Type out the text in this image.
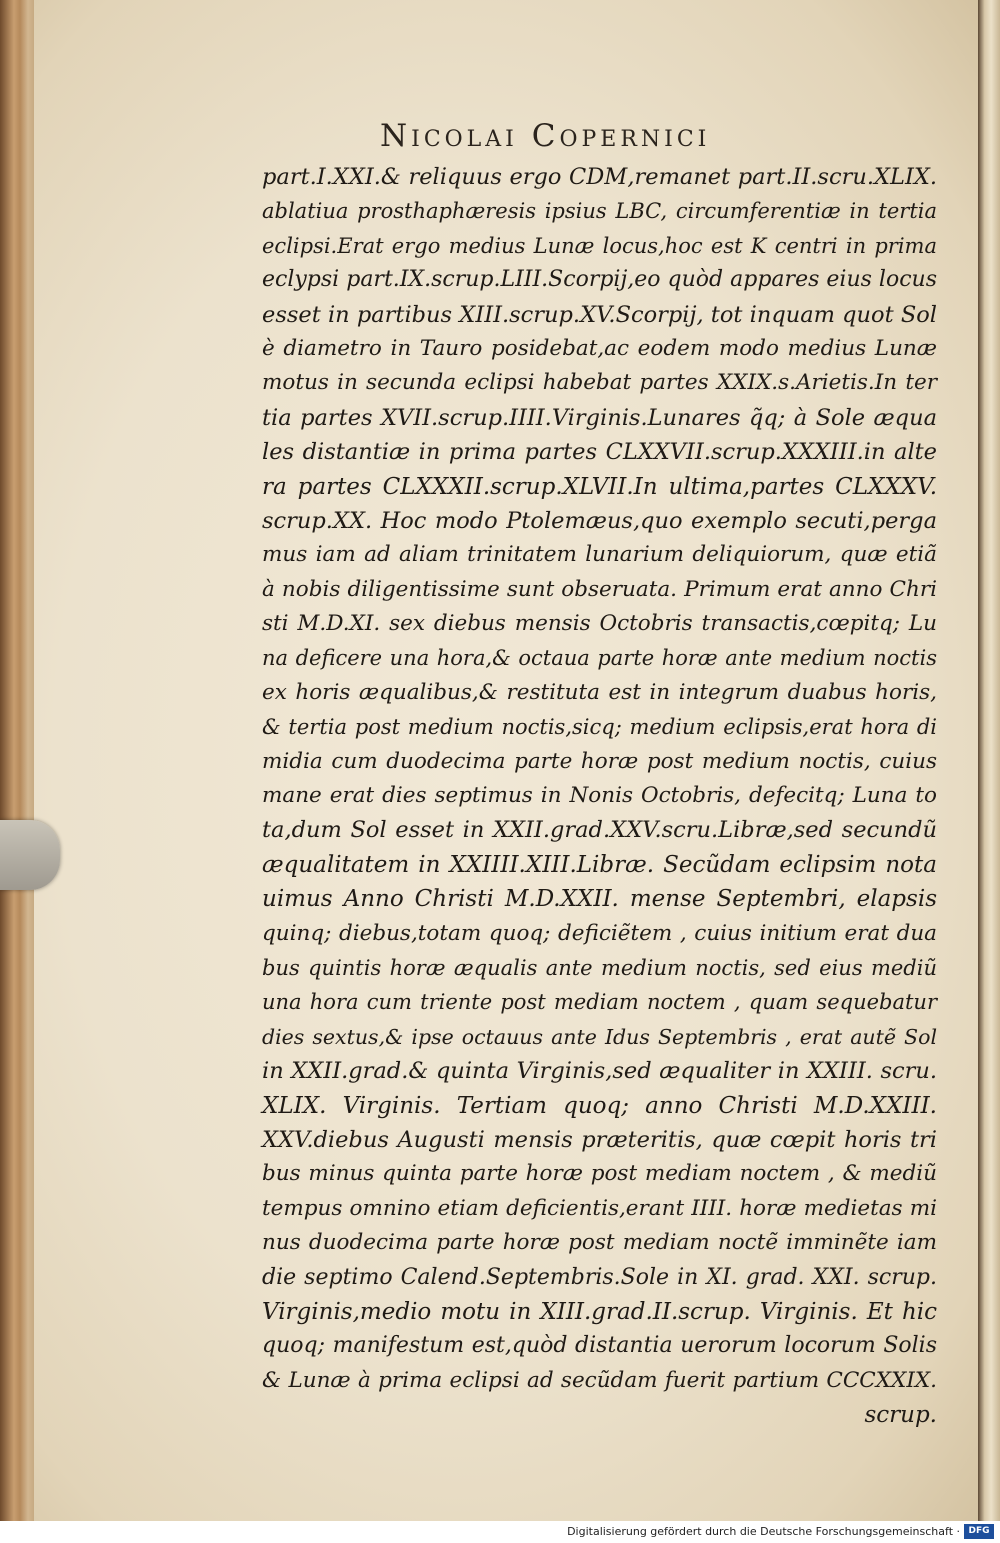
Nicolai Copernici
part.I.XXI.& reliquus ergo CDM,remanet part.II.scru.XLIX.
ablatiua prosthaphæresis ipsius LBC, circumferentiæ in tertia
eclipsi.Erat ergo medius Lunæ locus,hoc est K centri in prima
eclypsi part.IX.scrup.LIII.Scorpij,eo quòd appares eius locus
esset in partibus XIII.scrup.XV.Scorpij, tot inquam quot Sol
è diametro in Tauro posidebat,ac eodem modo medius Lunæ
motus in secunda eclipsi habebat partes XXIX.s.Arietis.In ter
tia partes XVII.scrup.IIII.Virginis.Lunares q̃q; à Sole æqua
les distantiæ in prima partes CLXXVII.scrup.XXXIII.in alte
ra partes CLXXXII.scrup.XLVII.In ultima,partes CLXXXV.
scrup.XX. Hoc modo Ptolemæus,quo exemplo secuti,perga
mus iam ad aliam trinitatem lunarium deliquiorum, quæ etiã
à nobis diligentissime sunt obseruata. Primum erat anno Chri
sti M.D.XI. sex diebus mensis Octobris transactis,cœpitq; Lu
na deficere una hora,& octaua parte horæ ante medium noctis
ex horis æqualibus,& restituta est in integrum duabus horis,
& tertia post medium noctis,sicq; medium eclipsis,erat hora di
midia cum duodecima parte horæ post medium noctis, cuius
mane erat dies septimus in Nonis Octobris, defecitq; Luna to
ta,dum Sol esset in XXII.grad.XXV.scru.Libræ,sed secundũ
æqualitatem in XXIIII.XIII.Libræ. Secũdam eclipsim nota
uimus Anno Christi M.D.XXII. mense Septembri, elapsis
quinq; diebus,totam quoq; deficiẽtem , cuius initium erat dua
bus quintis horæ æqualis ante medium noctis, sed eius mediũ
una hora cum triente post mediam noctem , quam sequebatur
dies sextus,& ipse octauus ante Idus Septembris , erat autẽ Sol
in XXII.grad.& quinta Virginis,sed æqualiter in XXIII. scru.
XLIX. Virginis. Tertiam quoq; anno Christi M.D.XXIII.
XXV.diebus Augusti mensis præteritis, quæ cœpit horis tri
bus minus quinta parte horæ post mediam noctem , & mediũ
tempus omnino etiam deficientis,erant IIII. horæ medietas mi
nus duodecima parte horæ post mediam noctẽ imminẽte iam
die septimo Calend.Septembris.Sole in XI. grad. XXI. scrup.
Virginis,medio motu in XIII.grad.II.scrup. Virginis. Et hic
quoq; manifestum est,quòd distantia uerorum locorum Solis
& Lunæ à prima eclipsi ad secũdam fuerit partium CCCXXIX.
scrup.
Digitalisierung gefördert durch die Deutsche Forschungsgemeinschaft · DFG
